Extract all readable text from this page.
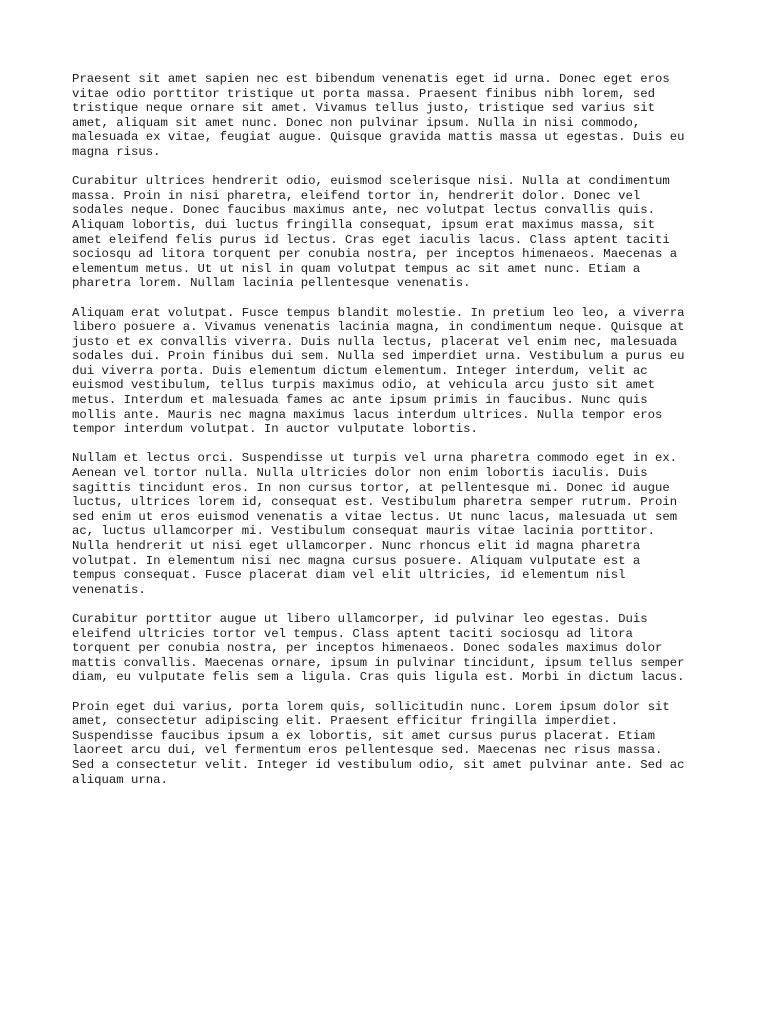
Praesent sit amet sapien nec est bibendum venenatis eget id urna. Donec eget eros
vitae odio porttitor tristique ut porta massa. Praesent finibus nibh lorem, sed
tristique neque ornare sit amet. Vivamus tellus justo, tristique sed varius sit
amet, aliquam sit amet nunc. Donec non pulvinar ipsum. Nulla in nisi commodo,
malesuada ex vitae, feugiat augue. Quisque gravida mattis massa ut egestas. Duis eu
magna risus.

Curabitur ultrices hendrerit odio, euismod scelerisque nisi. Nulla at condimentum
massa. Proin in nisi pharetra, eleifend tortor in, hendrerit dolor. Donec vel
sodales neque. Donec faucibus maximus ante, nec volutpat lectus convallis quis.
Aliquam lobortis, dui luctus fringilla consequat, ipsum erat maximus massa, sit
amet eleifend felis purus id lectus. Cras eget iaculis lacus. Class aptent taciti
sociosqu ad litora torquent per conubia nostra, per inceptos himenaeos. Maecenas a
elementum metus. Ut ut nisl in quam volutpat tempus ac sit amet nunc. Etiam a
pharetra lorem. Nullam lacinia pellentesque venenatis.

Aliquam erat volutpat. Fusce tempus blandit molestie. In pretium leo leo, a viverra
libero posuere a. Vivamus venenatis lacinia magna, in condimentum neque. Quisque at
justo et ex convallis viverra. Duis nulla lectus, placerat vel enim nec, malesuada
sodales dui. Proin finibus dui sem. Nulla sed imperdiet urna. Vestibulum a purus eu
dui viverra porta. Duis elementum dictum elementum. Integer interdum, velit ac
euismod vestibulum, tellus turpis maximus odio, at vehicula arcu justo sit amet
metus. Interdum et malesuada fames ac ante ipsum primis in faucibus. Nunc quis
mollis ante. Mauris nec magna maximus lacus interdum ultrices. Nulla tempor eros
tempor interdum volutpat. In auctor vulputate lobortis.

Nullam et lectus orci. Suspendisse ut turpis vel urna pharetra commodo eget in ex.
Aenean vel tortor nulla. Nulla ultricies dolor non enim lobortis iaculis. Duis
sagittis tincidunt eros. In non cursus tortor, at pellentesque mi. Donec id augue
luctus, ultrices lorem id, consequat est. Vestibulum pharetra semper rutrum. Proin
sed enim ut eros euismod venenatis a vitae lectus. Ut nunc lacus, malesuada ut sem
ac, luctus ullamcorper mi. Vestibulum consequat mauris vitae lacinia porttitor.
Nulla hendrerit ut nisi eget ullamcorper. Nunc rhoncus elit id magna pharetra
volutpat. In elementum nisi nec magna cursus posuere. Aliquam vulputate est a
tempus consequat. Fusce placerat diam vel elit ultricies, id elementum nisl
venenatis.

Curabitur porttitor augue ut libero ullamcorper, id pulvinar leo egestas. Duis
eleifend ultricies tortor vel tempus. Class aptent taciti sociosqu ad litora
torquent per conubia nostra, per inceptos himenaeos. Donec sodales maximus dolor
mattis convallis. Maecenas ornare, ipsum in pulvinar tincidunt, ipsum tellus semper
diam, eu vulputate felis sem a ligula. Cras quis ligula est. Morbi in dictum lacus.

Proin eget dui varius, porta lorem quis, sollicitudin nunc. Lorem ipsum dolor sit
amet, consectetur adipiscing elit. Praesent efficitur fringilla imperdiet.
Suspendisse faucibus ipsum a ex lobortis, sit amet cursus purus placerat. Etiam
laoreet arcu dui, vel fermentum eros pellentesque sed. Maecenas nec risus massa.
Sed a consectetur velit. Integer id vestibulum odio, sit amet pulvinar ante. Sed ac
aliquam urna.
